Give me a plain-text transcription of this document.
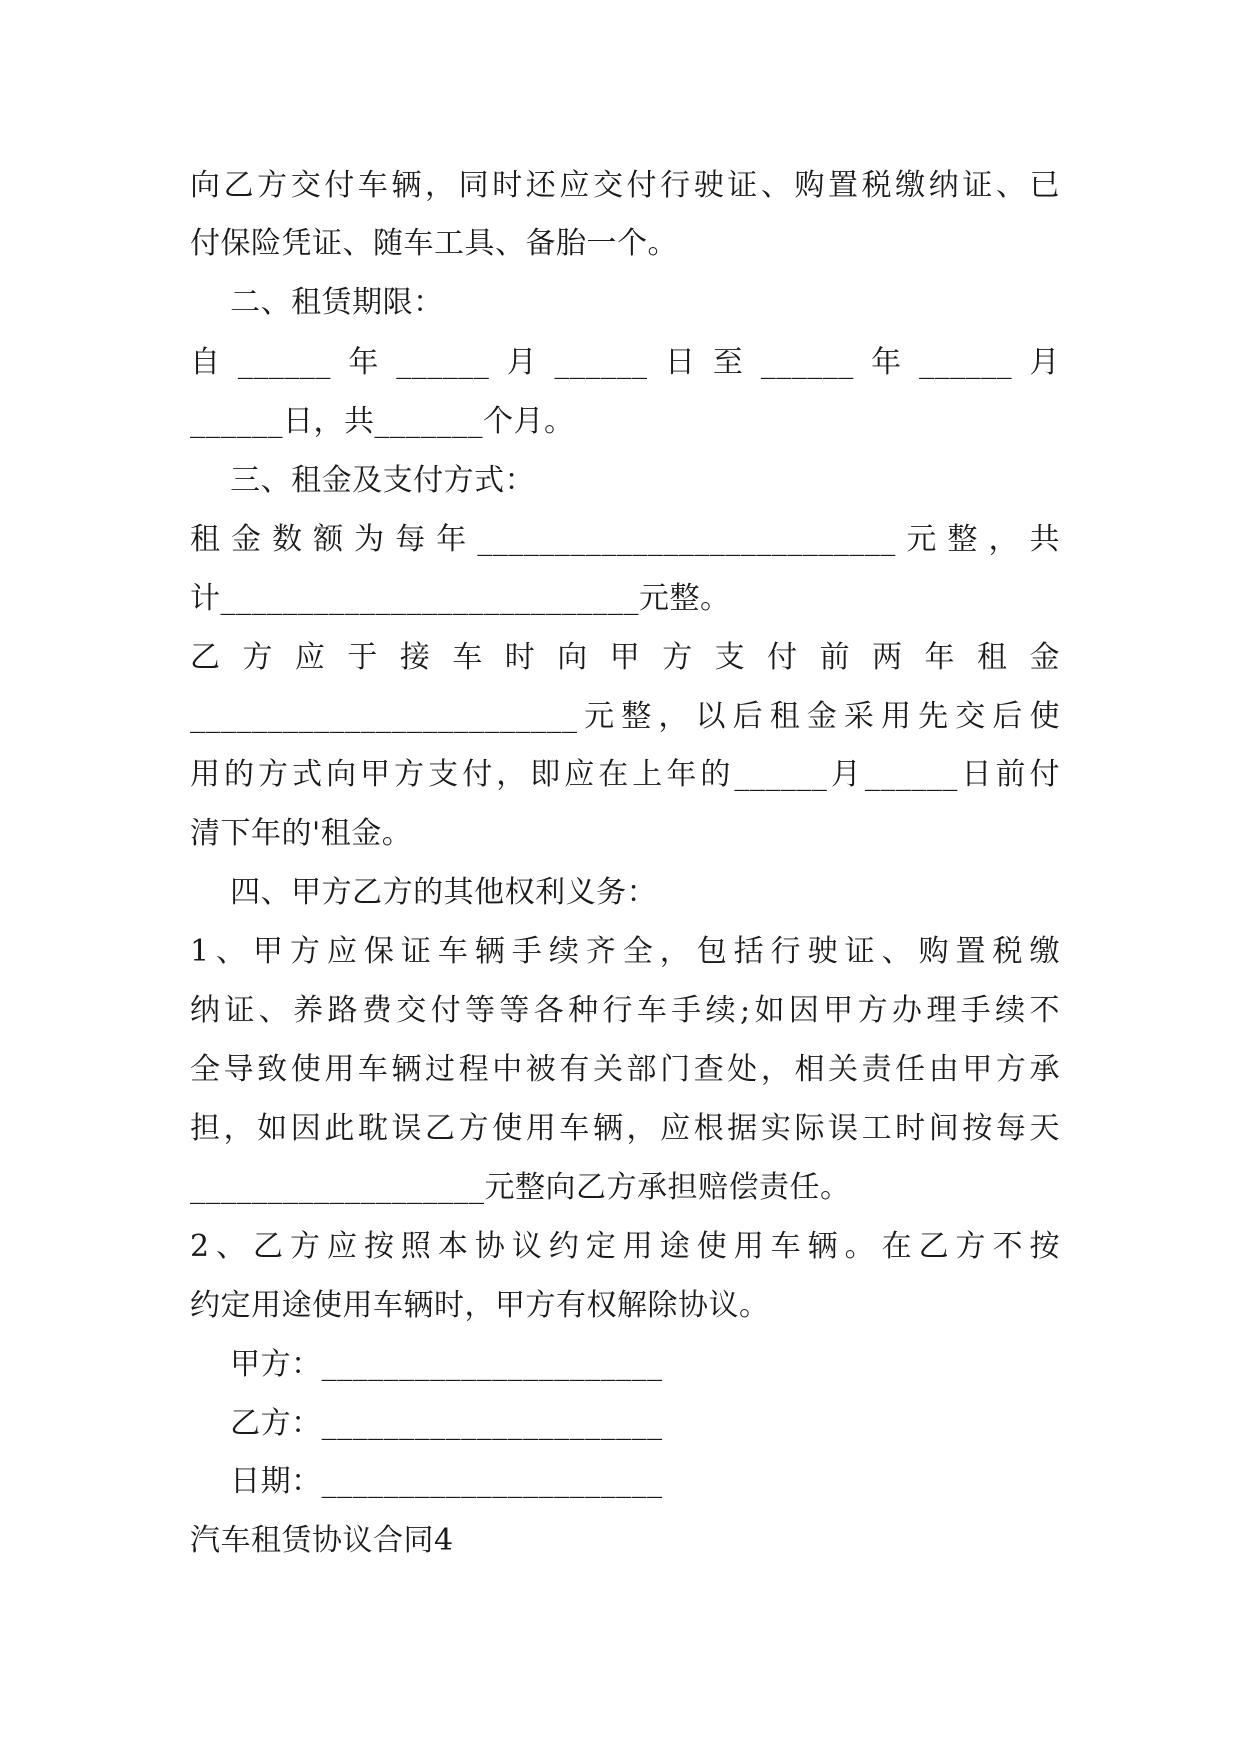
向乙方交付车辆，同时还应交付行驶证、购置税缴纳证、已
付保险凭证、随车工具、备胎一个。
二、租赁期限：
自______年______月______日至______年______月
______日，共_______个月。
三、租金及支付方式：
租金数额为每年___________________________元整，共
计___________________________元整。
乙 方 应 于 接 车 时 向 甲 方 支 付 前 两 年 租 金
_________________________元整，以后租金采用先交后使
用的方式向甲方支付，即应在上年的______月______日前付
清下年的'租金。
四、甲方乙方的其他权利义务：
1、甲方应保证车辆手续齐全，包括行驶证、购置税缴
纳证、养路费交付等等各种行车手续;如因甲方办理手续不
全导致使用车辆过程中被有关部门查处，相关责任由甲方承
担，如因此耽误乙方使用车辆，应根据实际误工时间按每天
___________________元整向乙方承担赔偿责任。
2、乙方应按照本协议约定用途使用车辆。在乙方不按
约定用途使用车辆时，甲方有权解除协议。
甲方：______________________
乙方：______________________
日期：______________________
汽车租赁协议合同4
